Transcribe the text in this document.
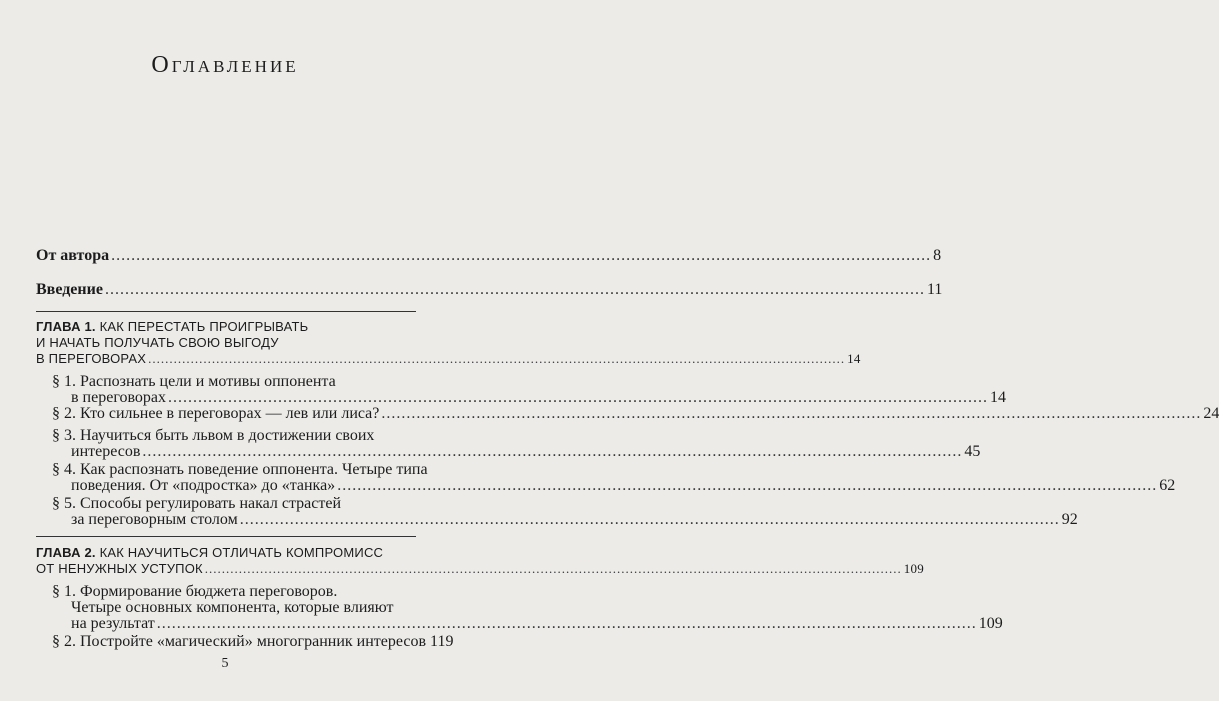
Оглавление
От автора .....	8
Введение .....	11
ГЛАВА 1. КАК ПЕРЕСТАТЬ ПРОИГРЫВАТЬ
И НАЧАТЬ ПОЛУЧАТЬ СВОЮ ВЫГОДУ
В ПЕРЕГОВОРАХ .....	14
§ 1. Распознать цели и мотивы оппонента
в переговорах .....	14
§ 2. Кто сильнее в переговорах — лев или лиса? .....	24
§ 3. Научиться быть львом в достижении своих
интересов .....	45
§ 4. Как распознать поведение оппонента. Четыре типа
поведения. От «подростка» до «танка» .....	62
§ 5. Способы регулировать накал страстей
за переговорным столом .....	92
ГЛАВА 2. КАК НАУЧИТЬСЯ ОТЛИЧАТЬ КОМПРОМИСС
ОТ НЕНУЖНЫХ УСТУПОК .....	109
§ 1. Формирование бюджета переговоров.
Четыре основных компонента, которые влияют
на результат .....	109
§ 2. Постройте «магический» многогранник интересов 119
5
